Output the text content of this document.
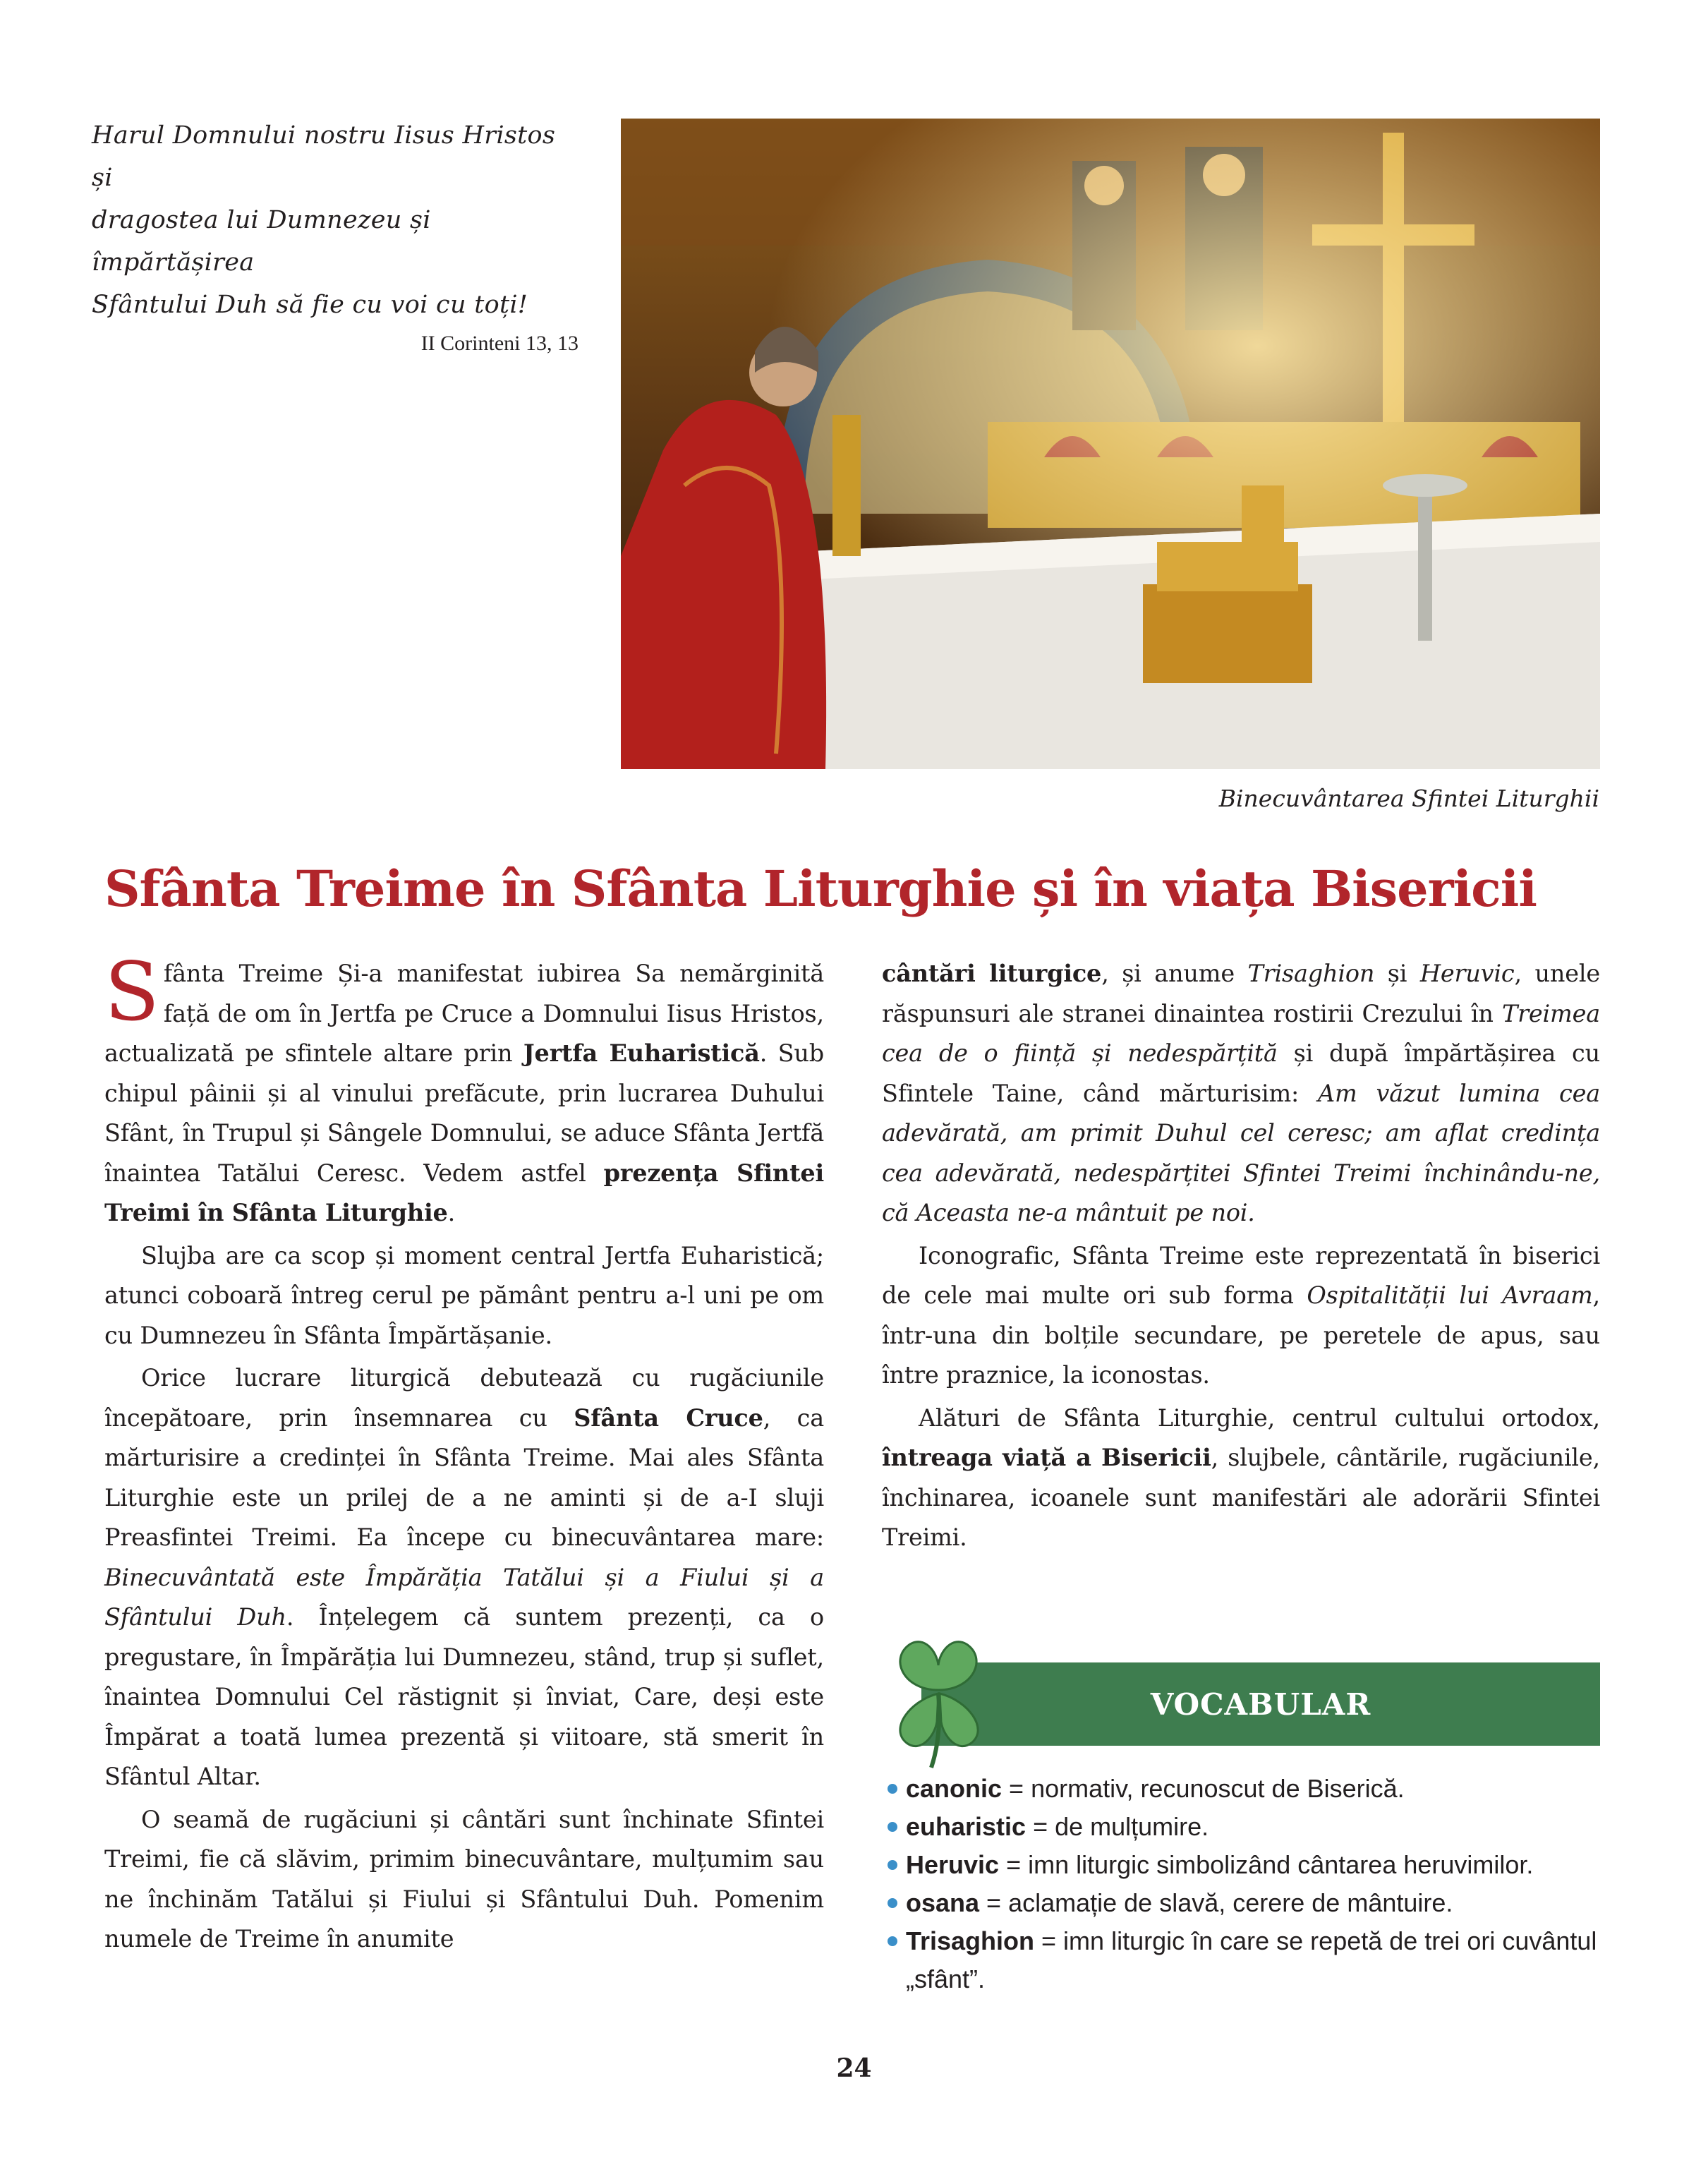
Harul Domnului nostru Iisus Hristos și
dragostea lui Dumnezeu și împărtășirea
Sfântului Duh să fie cu voi cu toți!
II Corinteni 13, 13
Binecuvântarea Sfintei Liturghii
Sfânta Treime în Sfânta Liturghie și în viața Bisericii

Sfânta Treime Și-a manifestat iubirea Sa nemărginită față de om în Jertfa pe Cruce a Domnului Iisus Hristos, actualizată pe sfintele altare prin Jertfa Euharistică. Sub chipul pâinii și al vinului prefăcute, prin lucrarea Duhului Sfânt, în Trupul și Sângele Domnului, se aduce Sfânta Jertfă înaintea Tatălui Ceresc. Vedem astfel prezența Sfintei Treimi în Sfânta Liturghie.

Slujba are ca scop și moment central Jertfa Euharistică; atunci coboară întreg cerul pe pământ pentru a-l uni pe om cu Dumnezeu în Sfânta Împărtășanie.

Orice lucrare liturgică debutează cu rugăciunile începătoare, prin însemnarea cu Sfânta Cruce, ca mărturisire a credinței în Sfânta Treime. Mai ales Sfânta Liturghie este un prilej de a ne aminti și de a-I sluji Preasfintei Treimi. Ea începe cu binecuvântarea mare: Binecuvântată este Împărăția Tatălui și a Fiului și a Sfântului Duh. Înțelegem că suntem prezenți, ca o pregustare, în Împărăția lui Dumnezeu, stând, trup și suflet, înaintea Domnului Cel răstignit și înviat, Care, deși este Împărat a toată lumea prezentă și viitoare, stă smerit în Sfântul Altar.

O seamă de rugăciuni și cântări sunt închinate Sfintei Treimi, fie că slăvim, primim binecuvântare, mulțumim sau ne închinăm Tatălui și Fiului și Sfântului Duh. Pomenim numele de Treime în anumite

cântări liturgice, și anume Trisaghion și Heruvic, unele răspunsuri ale stranei dinaintea rostirii Crezului în Treimea cea de o ființă și nedespărțită și după împărtășirea cu Sfintele Taine, când mărturisim: Am văzut lumina cea adevărată, am primit Duhul cel ceresc; am aflat credința cea adevărată, nedespărțitei Sfintei Treimi închinându-ne, că Aceasta ne-a mântuit pe noi.

Iconografic, Sfânta Treime este reprezentată în biserici de cele mai multe ori sub forma Ospitalității lui Avraam, într-una din bolțile secundare, pe peretele de apus, sau între praznice, la iconostas.

Alături de Sfânta Liturghie, centrul cultului ortodox, întreaga viață a Bisericii, slujbele, cântările, rugăciunile, închinarea, icoanele sunt manifestări ale adorării Sfintei Treimi.

VOCABULAR
canonic = normativ, recunoscut de Biserică.
euharistic = de mulțumire.
Heruvic = imn liturgic simbolizând cântarea heruvimilor.
osana = aclamație de slavă, cerere de mântuire.
Trisaghion = imn liturgic în care se repetă de trei ori cuvântul „sfânt”.
24
